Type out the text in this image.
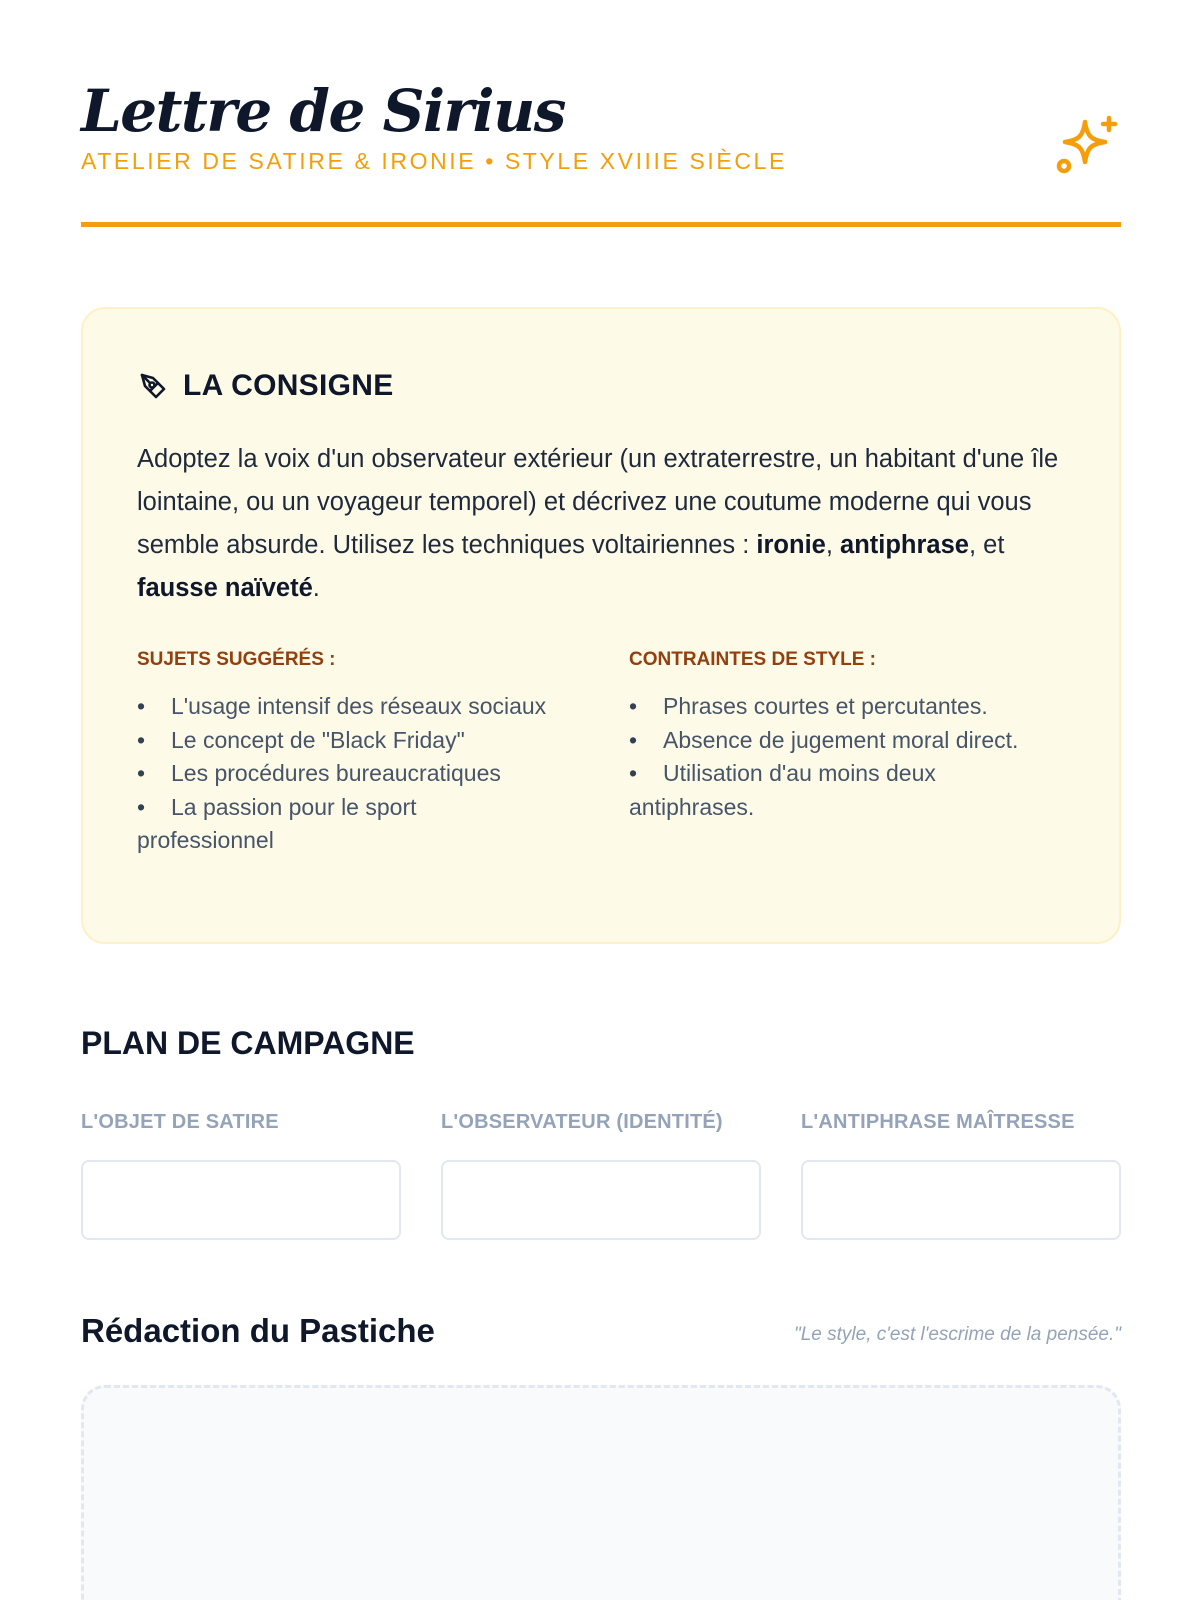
Lettre de Sirius
ATELIER DE SATIRE & IRONIE • STYLE XVIIIE SIÈCLE
LA CONSIGNE

Adoptez la voix d'un observateur extérieur (un extraterrestre, un habitant d'une île lointaine, ou un voyageur temporel) et décrivez une coutume moderne qui vous semble absurde. Utilisez les techniques voltairiennes : ironie, antiphrase, et fausse naïveté.

SUJETS SUGGÉRÉS :
• L'usage intensif des réseaux sociaux
• Le concept de "Black Friday"
• Les procédures bureaucratiques
• La passion pour le sport professionnel
CONTRAINTES DE STYLE :
• Phrases courtes et percutantes.
• Absence de jugement moral direct.
• Utilisation d'au moins deux antiphrases.
PLAN DE CAMPAGNE
L'OBJET DE SATIRE	L'OBSERVATEUR (IDENTITÉ)	L'ANTIPHRASE MAÎTRESSE
Rédaction du Pastiche	"Le style, c'est l'escrime de la pensée."
